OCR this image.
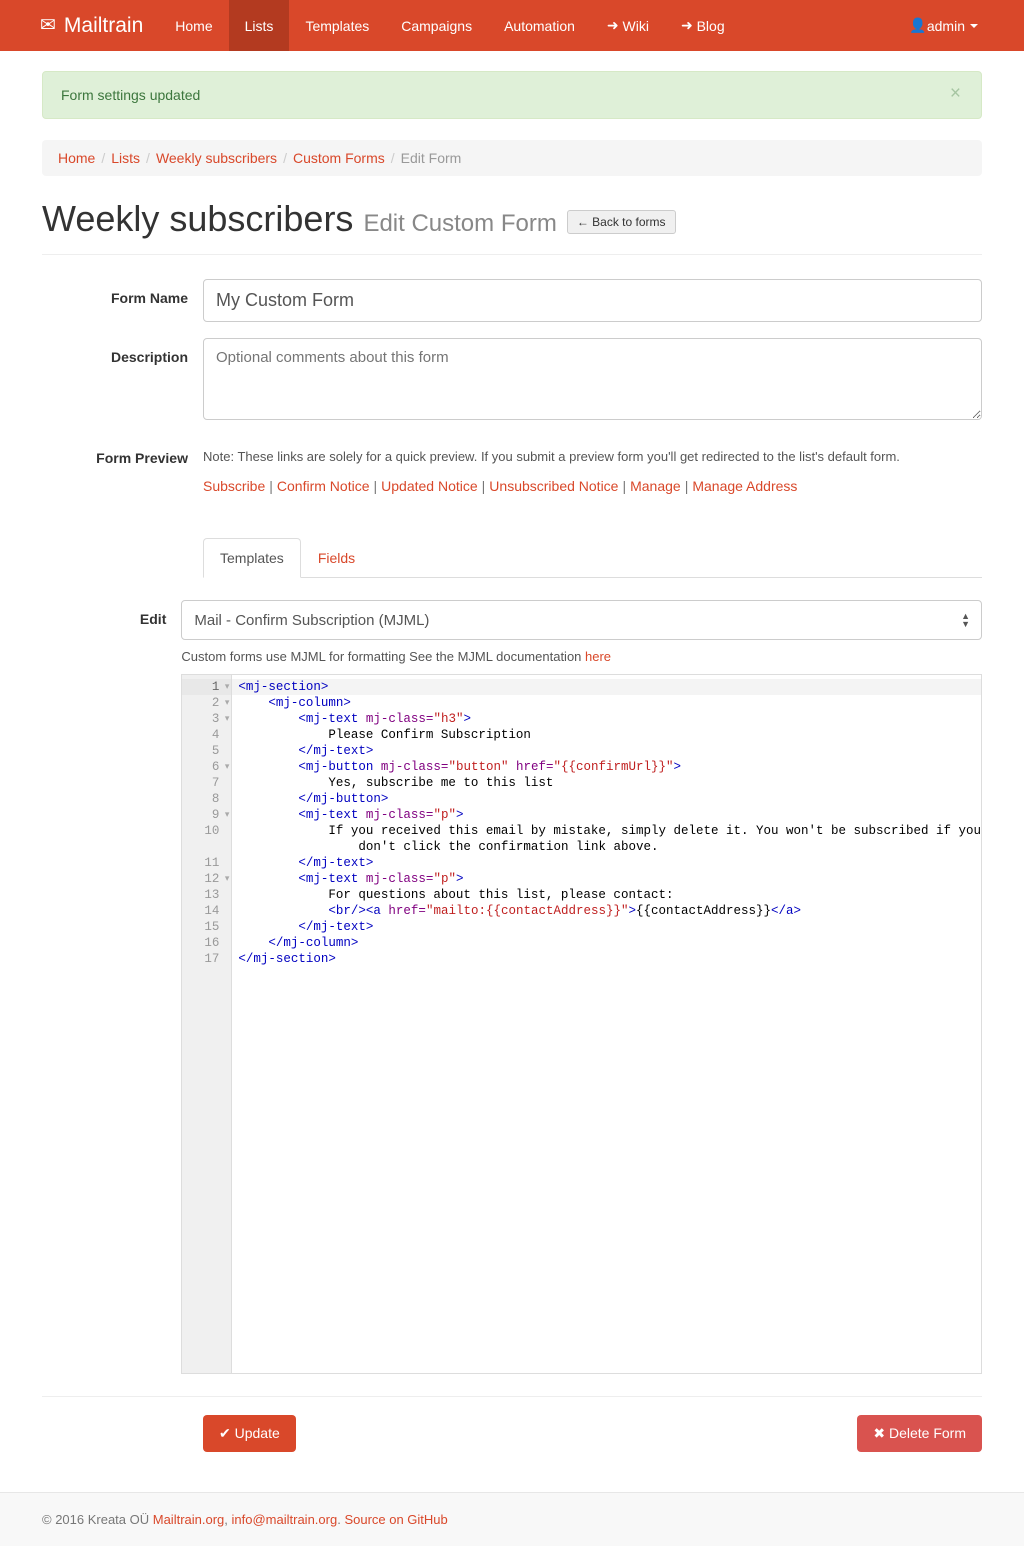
✉ Mailtrain Home Lists Templates Campaigns Automation ➜ Wiki ➜ Blog	👤 admin
Form settings updated	×
Home / Lists / Weekly subscribers / Custom Forms / Edit Form
Weekly subscribers Edit Custom Form	← Back to forms
Form Name
My Custom Form
Description
Optional comments about this form
Form Preview	Note: These links are solely for a quick preview. If you submit a preview form you'll get redirected to the list's default form.
Subscribe | Confirm Notice | Updated Notice | Unsubscribed Notice | Manage | Manage Address
Templates	Fields
Edit
Mail - Confirm Subscription (MJML)	▲
▼
Custom forms use MJML for formatting See the MJML documentation here
1 ▾
2 ▾
3 ▾
4
5
6 ▾
7
8
9 ▾
10
11
12 ▾
13
14
15
16
17
<mj-section>
<mj-column>
<mj-text mj-class="h3">
Please Confirm Subscription
</mj-text>
<mj-button mj-class="button" href="{{confirmUrl}}">
Yes, subscribe me to this list
</mj-button>
<mj-text mj-class="p">
If you received this email by mistake, simply delete it. You won't be subscribed if you
don't click the confirmation link above.
</mj-text>
<mj-text mj-class="p">
For questions about this list, please contact:
<br/><a href="mailto:{{contactAddress}}">{{contactAddress}}</a>
</mj-text>
</mj-column>
</mj-section>
✔ Update	✖ Delete Form
© 2016 Kreata OÜ Mailtrain.org, info@mailtrain.org. Source on GitHub
